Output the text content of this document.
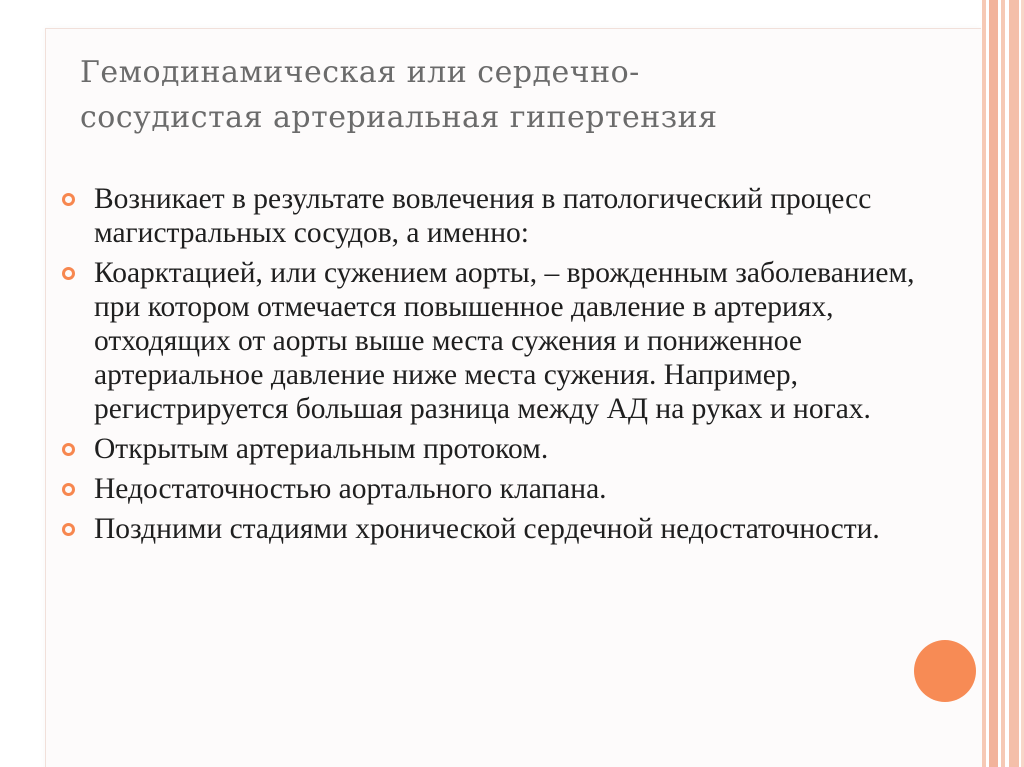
Гемодинамическая или сердечно-
сосудистая артериальная гипертензия
Возникает в результате вовлечения в патологический процесс магистральных сосудов, а именно:
Коарктацией, или сужением аорты, – врожденным заболеванием, при котором отмечается повышенное давление в артериях, отходящих от аорты выше места сужения и пониженное артериальное давление ниже места сужения. Например, регистрируется большая разница между АД на руках и ногах.
Открытым артериальным протоком.
Недостаточностью аортального клапана.
Поздними стадиями хронической сердечной недостаточности.
